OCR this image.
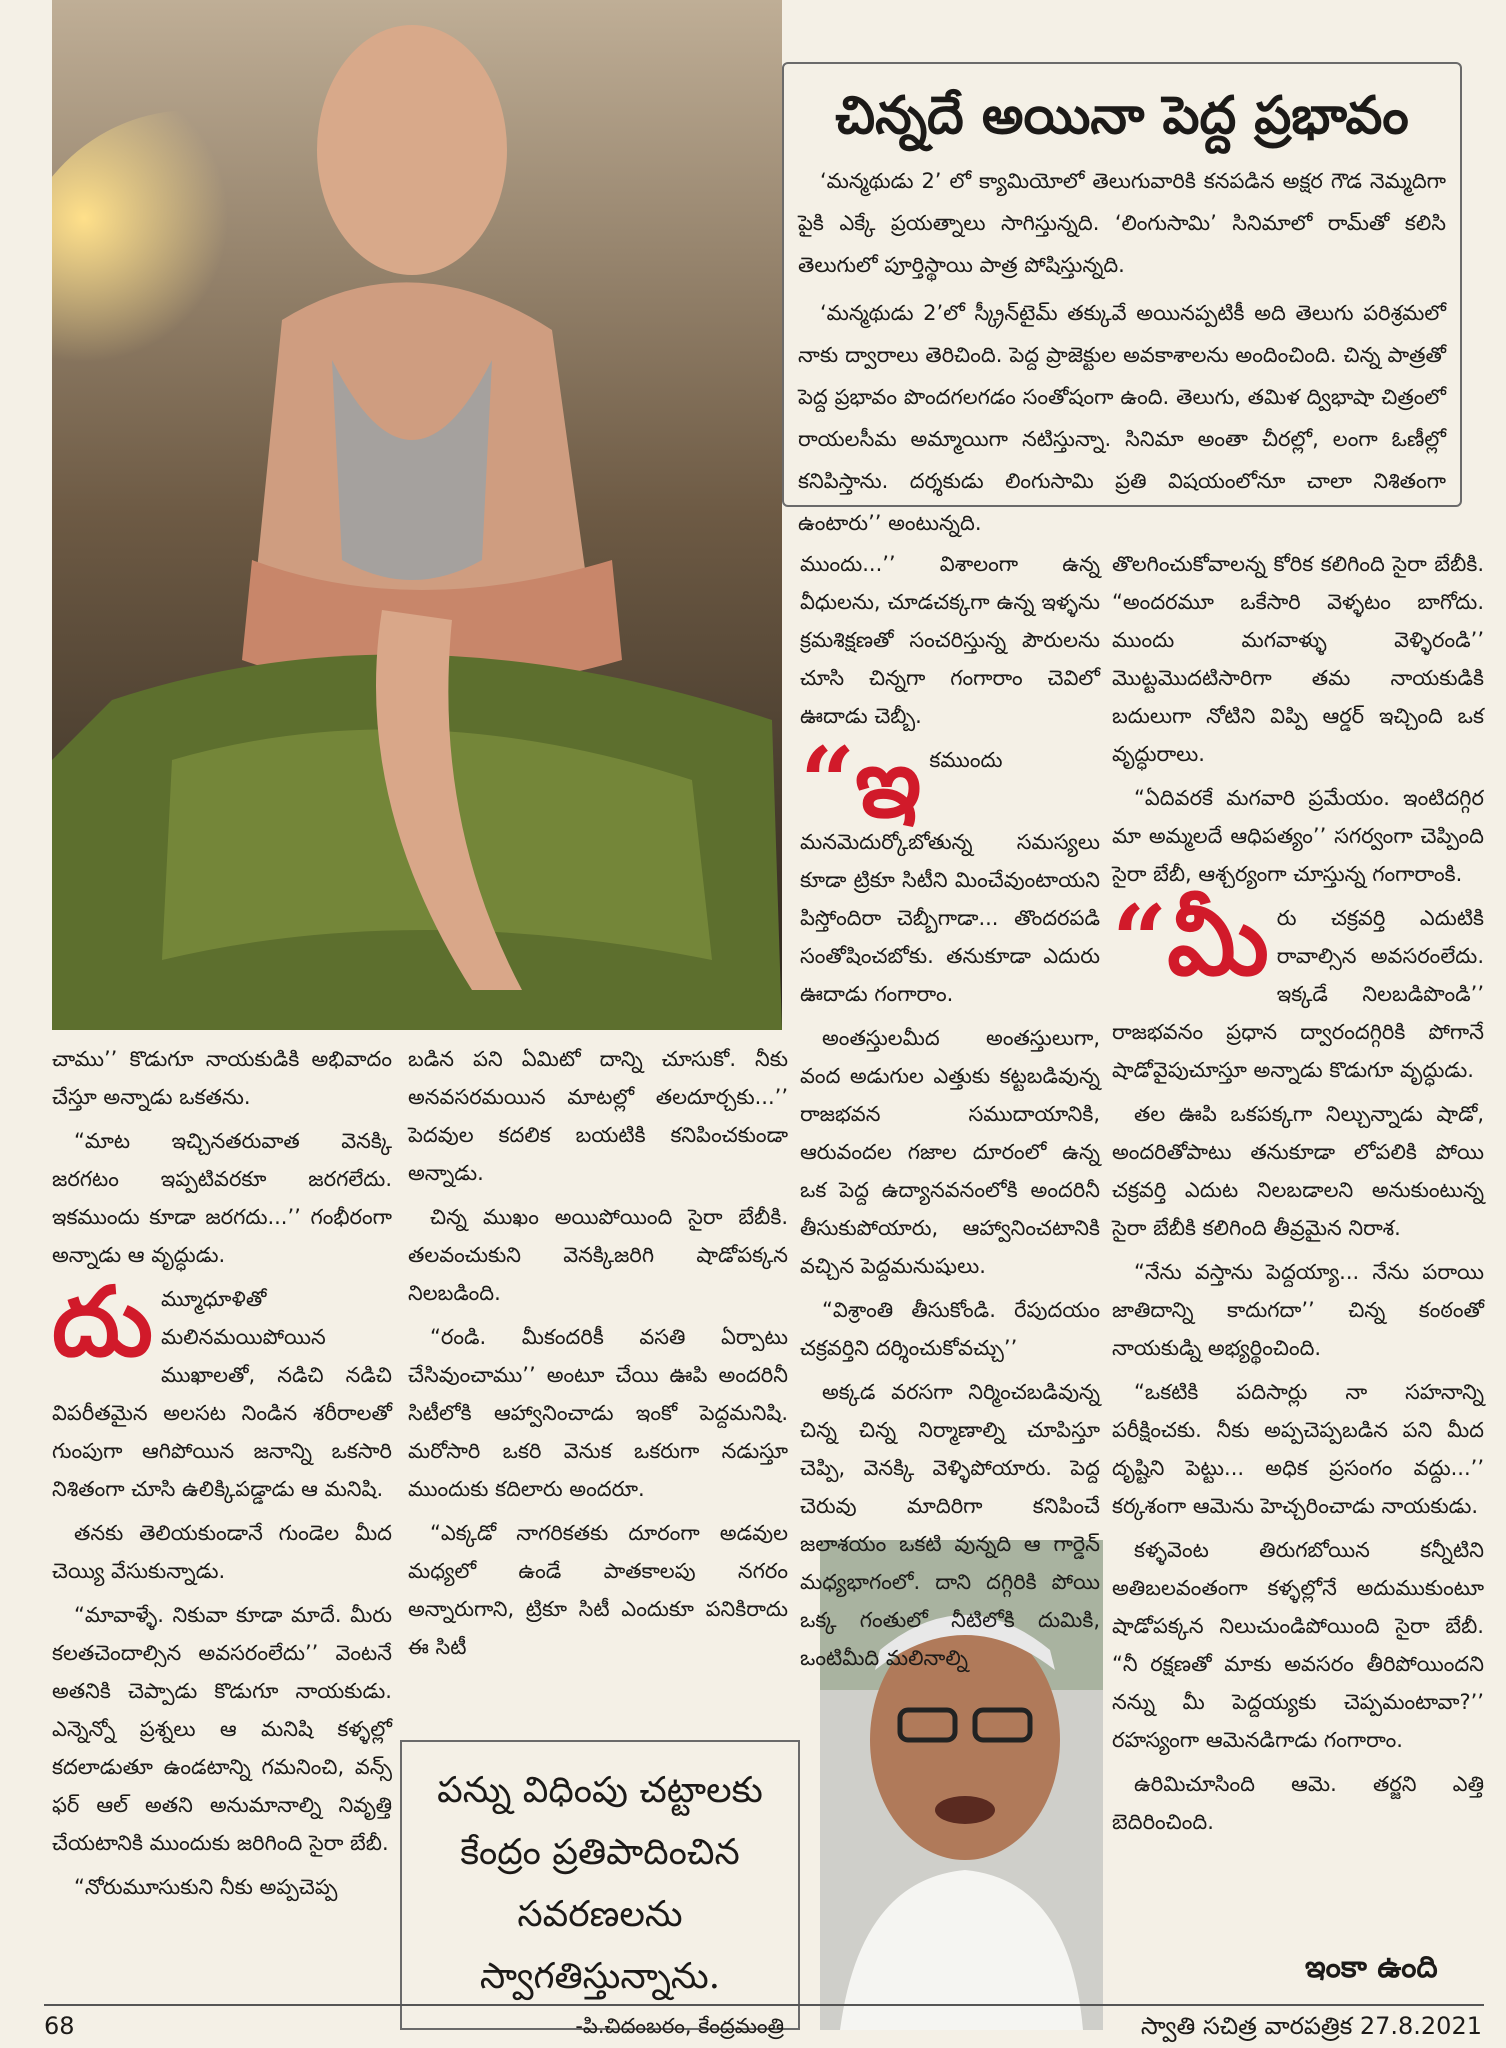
చిన్నదే అయినా పెద్ద ప్రభావం

‘మన్మథుడు 2’ లో క్యామియోలో తెలుగువారికి కనపడిన అక్షర గౌడ నెమ్మదిగా పైకి ఎక్కే ప్రయత్నాలు సాగిస్తున్నది. ‘లింగుసామి’ సినిమాలో రామ్‌తో కలిసి తెలుగులో పూర్తిస్థాయి పాత్ర పోషిస్తున్నది.

‘మన్మథుడు 2’లో స్క్రీన్‌టైమ్ తక్కువే అయినప్పటికీ అది తెలుగు పరిశ్రమలో నాకు ద్వారాలు తెరిచింది. పెద్ద ప్రాజెక్టుల అవకాశాలను అందించింది. చిన్న పాత్రతో పెద్ద ప్రభావం పొందగలగడం సంతోషంగా ఉంది. తెలుగు, తమిళ ద్విభాషా చిత్రంలో రాయలసీమ అమ్మాయిగా నటిస్తున్నా. సినిమా అంతా చీరల్లో, లంగా ఓణీల్లో కనిపిస్తాను. దర్శకుడు లింగుసామి ప్రతి విషయంలోనూ చాలా నిశితంగా ఉంటారు’’ అంటున్నది.

చాము’’ కొడుగూ నాయకుడికి అభివాదం చేస్తూ అన్నాడు ఒకతను.

“మాట ఇచ్చినతరువాత వెనక్కి జరగటం ఇప్పటివరకూ జరగలేదు. ఇకముందు కూడా జరగదు...’’ గంభీరంగా అన్నాడు ఆ వృద్ధుడు.

దు మ్మూధూళితో మలినమయిపోయిన ముఖాలతో, నడిచి నడిచి విపరీతమైన అలసట నిండిన శరీరాలతో గుంపుగా ఆగిపోయిన జనాన్ని ఒకసారి నిశితంగా చూసి ఉలిక్కిపడ్డాడు ఆ మనిషి.

తనకు తెలియకుండానే గుండెల మీద చెయ్యి వేసుకున్నాడు.

“మావాళ్ళే. నికువా కూడా మాదే. మీరు కలతచెందాల్సిన అవసరంలేదు’’ వెంటనే అతనికి చెప్పాడు కొడుగూ నాయకుడు. ఎన్నెన్నో ప్రశ్నలు ఆ మనిషి కళ్ళల్లో కదలాడుతూ ఉండటాన్ని గమనించి, వన్స్ ఫర్ ఆల్ అతని అనుమానాల్ని నివృత్తి చేయటానికి ముందుకు జరిగింది సైరా బేబీ.

“నోరుమూసుకుని నీకు అప్పచెప్ప

బడిన పని ఏమిటో దాన్ని చూసుకో. నీకు అనవసరమయిన మాటల్లో తలదూర్చకు...’’ పెదవుల కదలిక బయటికి కనిపించకుండా అన్నాడు.

చిన్న ముఖం అయిపోయింది సైరా బేబీకి. తలవంచుకుని వెనక్కిజరిగి షాడోపక్కన నిలబడింది.

“రండి. మీకందరికీ వసతి ఏర్పాటు చేసివుంచాము’’ అంటూ చేయి ఊపి అందరినీ సిటీలోకి ఆహ్వానించాడు ఇంకో పెద్దమనిషి. మరోసారి ఒకరి వెనుక ఒకరుగా నడుస్తూ ముందుకు కదిలారు అందరూ.

“ఎక్కడో నాగరికతకు దూరంగా అడవుల మధ్యలో ఉండే పాతకాలపు నగరం అన్నారుగాని, ట్రికూ సిటీ ఎందుకూ పనికిరాదు ఈ సిటీ

పన్ను విధింపు చట్టాలకు కేంద్రం ప్రతిపాదించిన సవరణలను స్వాగతిస్తున్నాను.

-పి.చిదంబరం, కేంద్రమంత్రి

ముందు...’’ విశాలంగా ఉన్న వీధులను, చూడచక్కగా ఉన్న ఇళ్ళను క్రమశిక్షణతో సంచరిస్తున్న పౌరులను చూసి చిన్నగా గంగారాం చెవిలో ఊదాడు చెబ్బీ.

“ఇ కముందు మనమెదుర్కోబోతున్న సమస్యలు కూడా ట్రికూ సిటీని మించేవుంటాయని పిస్తోందిరా చెబ్బీగాడా... తొందరపడి సంతోషించబోకు. తనుకూడా ఎదురు ఊదాడు గంగారాం.

అంతస్తులమీద అంతస్తులుగా, వంద అడుగుల ఎత్తుకు కట్టబడివున్న రాజభవన సముదాయానికి, ఆరువందల గజాల దూరంలో ఉన్న ఒక పెద్ద ఉద్యానవనంలోకి అందరినీ తీసుకుపోయారు, ఆహ్వానించటానికి వచ్చిన పెద్దమనుషులు.

“విశ్రాంతి తీసుకోండి. రేపుదయం చక్రవర్తిని దర్శించుకోవచ్చు’’

అక్కడ వరసగా నిర్మించబడివున్న చిన్న చిన్న నిర్మాణాల్ని చూపిస్తూ చెప్పి, వెనక్కి వెళ్ళిపోయారు. పెద్ద చెరువు మాదిరిగా కనిపించే జలాశయం ఒకటి వున్నది ఆ గార్డెన్ మధ్యభాగంలో. దాని దగ్గిరికి పోయి ఒక్క గంతులో నీటిలోకి దుమికి, ఒంటిమీది మలినాల్ని

తొలగించుకోవాలన్న కోరిక కలిగింది సైరా బేబీకి. “అందరమూ ఒకేసారి వెళ్ళటం బాగోదు. ముందు మగవాళ్ళు వెళ్ళిరండి’’ మొట్టమొదటిసారిగా తమ నాయకుడికి బదులుగా నోటిని విప్పి ఆర్డర్ ఇచ్చింది ఒక వృద్ధురాలు.

“ఏదివరకే మగవారి ప్రమేయం. ఇంటిదగ్గిర మా అమ్మలదే ఆధిపత్యం’’ సగర్వంగా చెప్పింది సైరా బేబీ, ఆశ్చర్యంగా చూస్తున్న గంగారాంకి.

“మీ రు చక్రవర్తి ఎదుటికి రావాల్సిన అవసరంలేదు. ఇక్కడే నిలబడిపొండి’’ రాజభవనం ప్రధాన ద్వారందగ్గిరికి పోగానే షాడోవైపుచూస్తూ అన్నాడు కొడుగూ వృద్ధుడు.

తల ఊపి ఒకపక్కగా నిల్చున్నాడు షాడో, అందరితోపాటు తనుకూడా లోపలికి పోయి చక్రవర్తి ఎదుట నిలబడాలని అనుకుంటున్న సైరా బేబీకి కలిగింది తీవ్రమైన నిరాశ.

“నేను వస్తాను పెద్దయ్యా... నేను పరాయి జాతిదాన్ని కాదుగదా’’ చిన్న కంఠంతో నాయకుడ్ని అభ్యర్థించింది.

“ఒకటికి పదిసార్లు నా సహనాన్ని పరీక్షించకు. నీకు అప్పచెప్పబడిన పని మీద దృష్టిని పెట్టు... అధిక ప్రసంగం వద్దు...’’ కర్కశంగా ఆమెను హెచ్చరించాడు నాయకుడు.

కళ్ళవెంట తిరుగబోయిన కన్నీటిని అతిబలవంతంగా కళ్ళల్లోనే అదుముకుంటూ షాడోపక్కన నిలుచుండిపోయింది సైరా బేబీ. “నీ రక్షణతో మాకు అవసరం తీరిపోయిందని నన్ను మీ పెద్దయ్యకు చెప్పమంటావా?’’ రహస్యంగా ఆమెనడిగాడు గంగారాం.

ఉరిమిచూసింది ఆమె. తర్జని ఎత్తి బెదిరించింది.

ఇంకా ఉంది
68	స్వాతి సచిత్ర వారపత్రిక 27.8.2021
